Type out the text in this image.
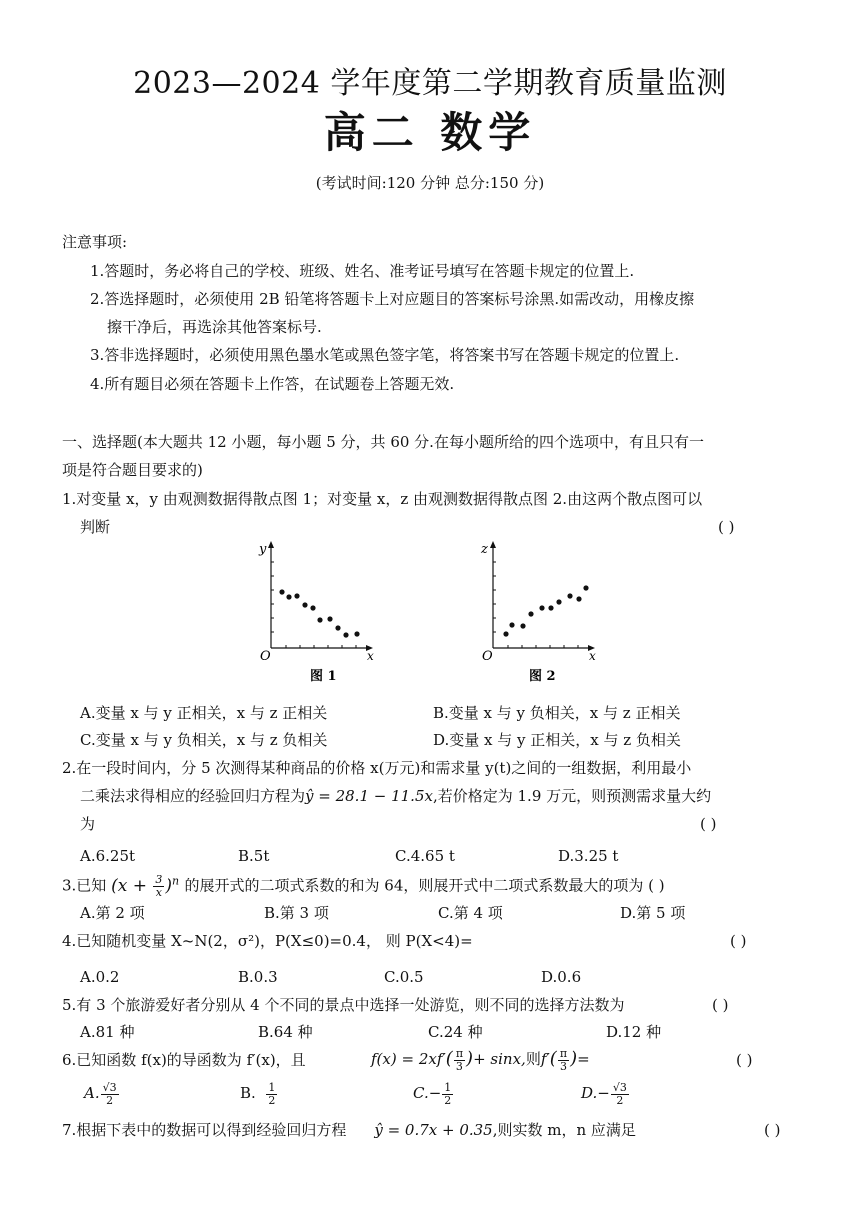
2023—2024 学年度第二学期教育质量监测
高二 数学
(考试时间:120 分钟 总分:150 分)
注意事项:
1.答题时，务必将自己的学校、班级、姓名、准考证号填写在答题卡规定的位置上.
2.答选择题时，必须使用 2B 铅笔将答题卡上对应题目的答案标号涂黑.如需改动，用橡皮擦
擦干净后，再选涂其他答案标号.
3.答非选择题时，必须使用黑色墨水笔或黑色签字笔，将答案书写在答题卡规定的位置上.
4.所有题目必须在答题卡上作答，在试题卷上答题无效.
一、选择题(本大题共 12 小题，每小题 5 分，共 60 分.在每小题所给的四个选项中，有且只有一
项是符合题目要求的)
1.对变量 x，y 由观测数据得散点图 1；对变量 x，z 由观测数据得散点图 2.由这两个散点图可以
判断	( )
y
O	x
图 1
z
O	x
图 2
A.变量 x 与 y 正相关，x 与 z 正相关	B.变量 x 与 y 负相关，x 与 z 正相关
C.变量 x 与 y 负相关，x 与 z 负相关	D.变量 x 与 y 正相关，x 与 z 负相关
2.在一段时间内，分 5 次测得某种商品的价格 x(万元)和需求量 y(t)之间的一组数据，利用最小
二乘法求得相应的经验回归方程为ŷ = 28.1 − 11.5x,若价格定为 1.9 万元，则预测需求量大约
为	( )
A.6.25t	B.5t	C.4.65 t	D.3.25 t
3.已知 $(x + \frac{3}{x} )^n$ 的展开式的二项式系数的和为 64，则展开式中二项式系数最大的项为 ( )
A.第 2 项	B.第 3 项	C.第 4 项	D.第 5 项
4.已知随机变量 X~N(2，σ²)，P(X≤0)=0.4， 则 P(X<4)=	( )
A.0.2	B.0.3	C.0.5	D.0.6
5.有 3 个旅游爱好者分别从 4 个不同的景点中选择一处游览，则不同的选择方法数为	( )
A.81 种	B.64 种	C.24 种	D.12 种
6.已知函数 f(x)的导函数为 f′(x)，且	$f(x) = 2xf'( \frac{\pi}{3}$ )+ sinx,则$f'( \frac{\pi}{3}$ )=	( )
A. $\frac{√3}{2}$	B. $\frac{1}{2}$	$C.- \frac{1}{2}$	$D.- \frac{√3}{2}$
7.根据下表中的数据可以得到经验回归方程 ŷ = 0.7x + 0.35,则实数 m，n 应满足	( )
